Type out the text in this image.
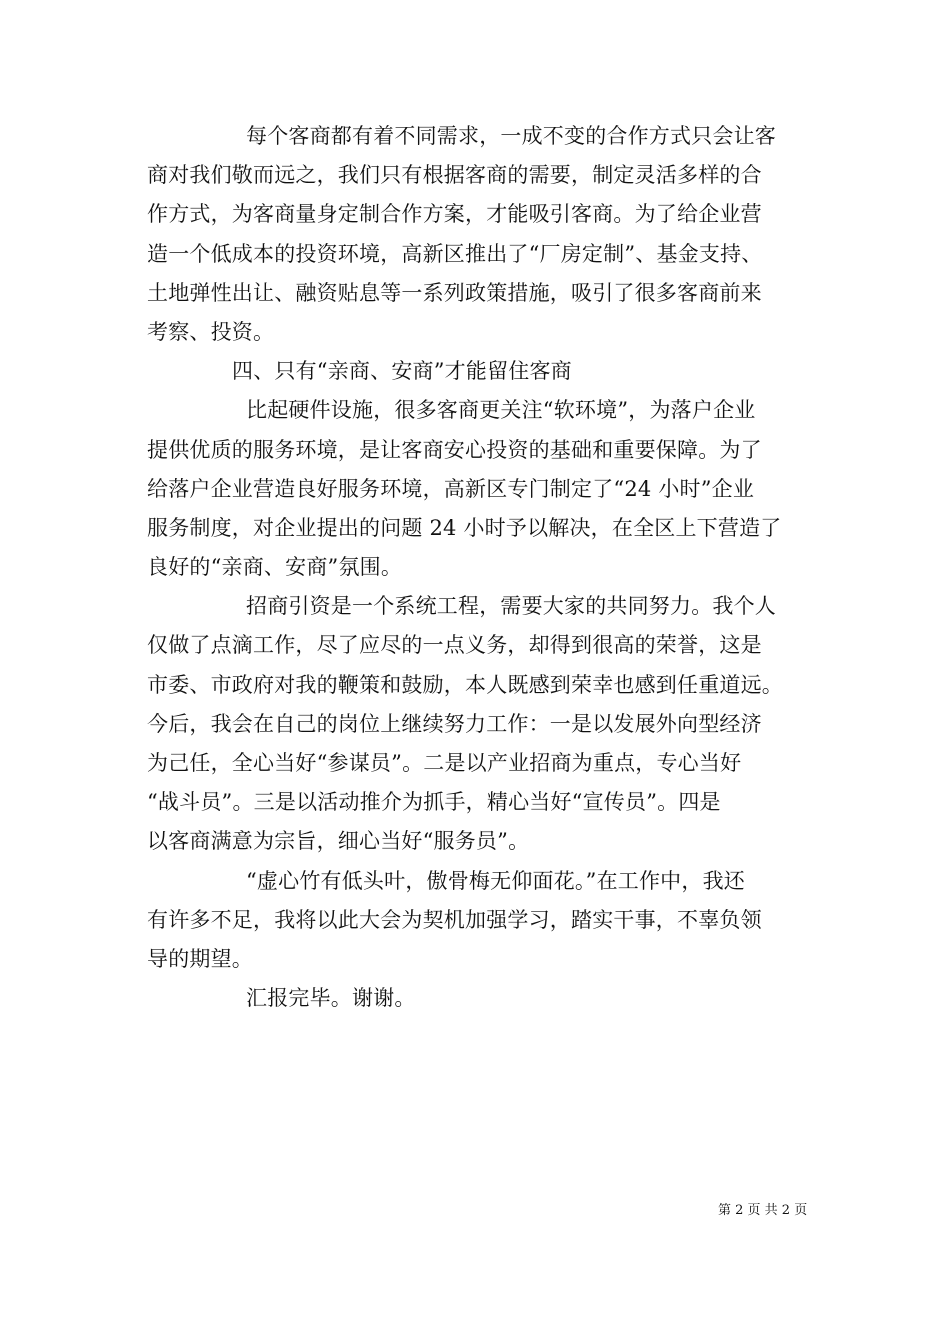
每个客商都有着不同需求，一成不变的合作方式只会让客
商对我们敬而远之，我们只有根据客商的需要，制定灵活多样的合
作方式，为客商量身定制合作方案，才能吸引客商。为了给企业营
造一个低成本的投资环境，高新区推出了“厂房定制”、基金支持、
土地弹性出让、融资贴息等一系列政策措施，吸引了很多客商前来
考察、投资。
四、只有“亲商、安商”才能留住客商
比起硬件设施，很多客商更关注“软环境”，为落户企业
提供优质的服务环境，是让客商安心投资的基础和重要保障。为了
给落户企业营造良好服务环境，高新区专门制定了“24 小时”企业
服务制度，对企业提出的问题 24 小时予以解决，在全区上下营造了
良好的“亲商、安商”氛围。
招商引资是一个系统工程，需要大家的共同努力。我个人
仅做了点滴工作，尽了应尽的一点义务，却得到很高的荣誉，这是
市委、市政府对我的鞭策和鼓励，本人既感到荣幸也感到任重道远。
今后，我会在自己的岗位上继续努力工作：一是以发展外向型经济
为己任，全心当好“参谋员”。二是以产业招商为重点，专心当好
“战斗员”。三是以活动推介为抓手，精心当好“宣传员”。四是
以客商满意为宗旨，细心当好“服务员”。
“虚心竹有低头叶，傲骨梅无仰面花。”在工作中，我还
有许多不足，我将以此大会为契机加强学习，踏实干事，不辜负领
导的期望。
汇报完毕。谢谢。
第 2 页 共 2 页
